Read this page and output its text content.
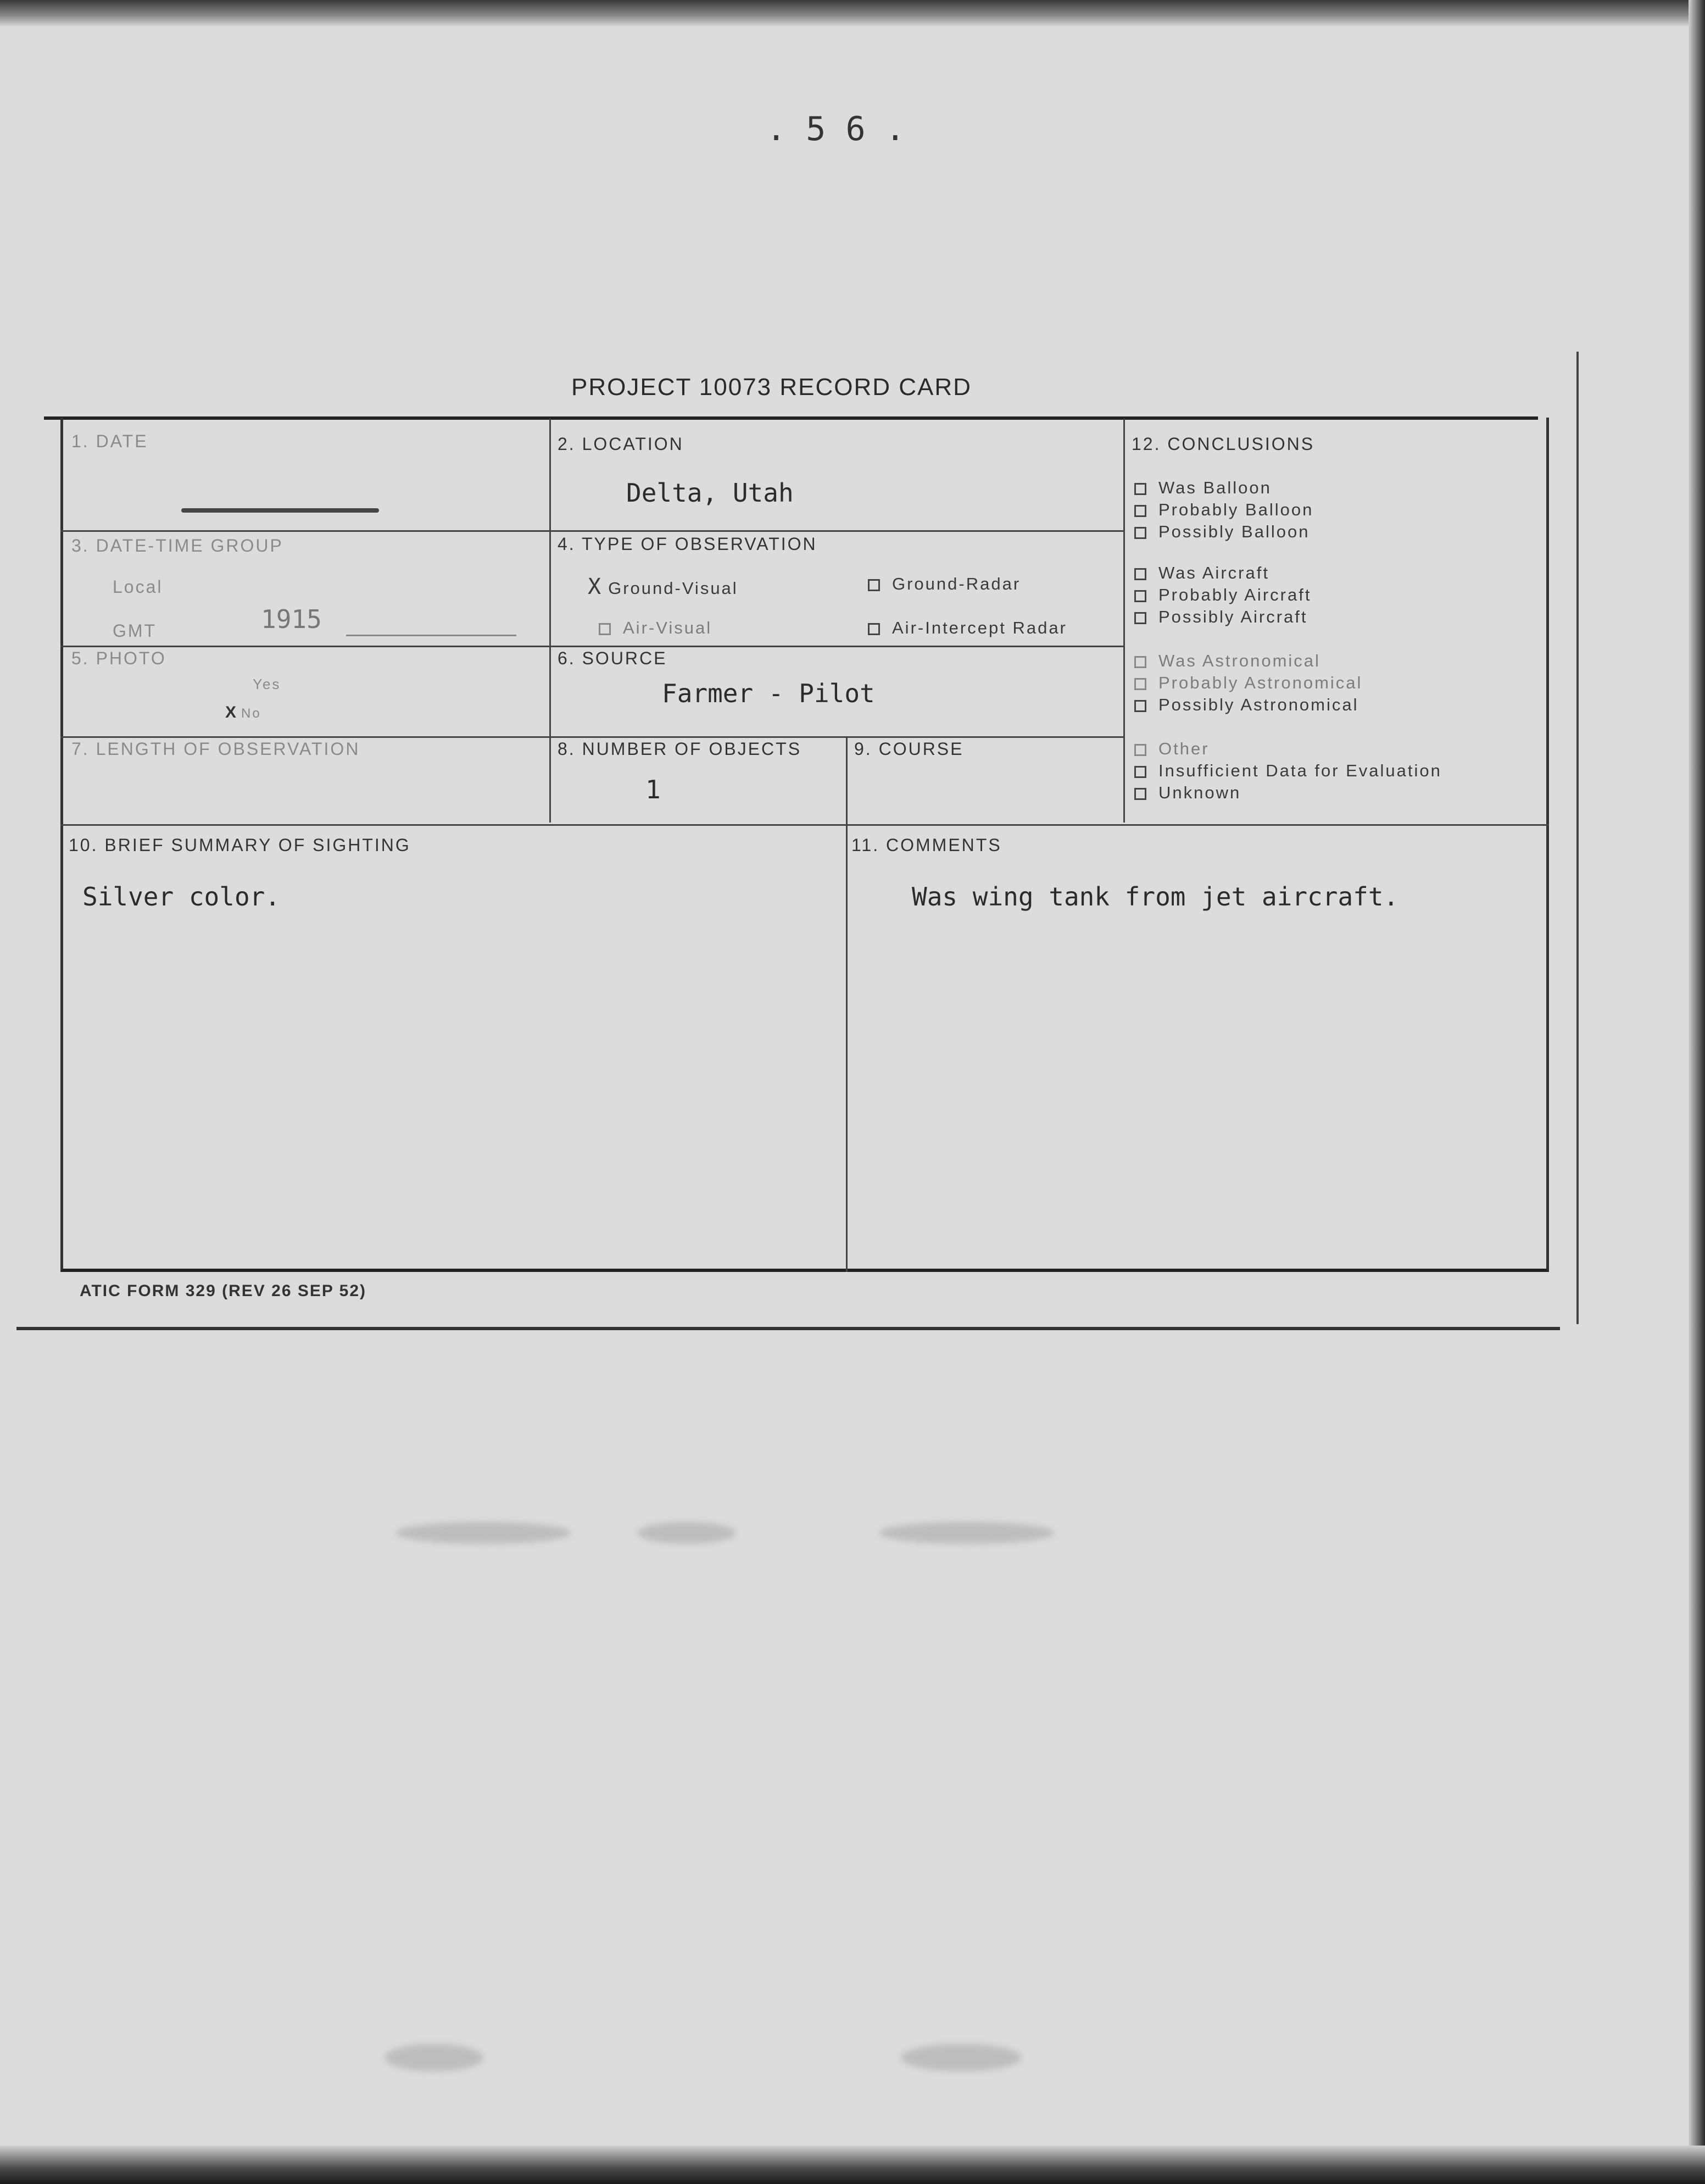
. 5 6 .
PROJECT 10073 RECORD CARD
1. DATE	2. LOCATION
Delta, Utah
3. DATE-TIME GROUP
Local
GMT	1915
4. TYPE OF OBSERVATION
X Ground-Visual	Ground-Radar
Air-Visual	Air-Intercept Radar
5. PHOTO
Yes
X No
6. SOURCE
Farmer - Pilot
7. LENGTH OF OBSERVATION	8. NUMBER OF OBJECTS
1
9. COURSE
10. BRIEF SUMMARY OF SIGHTING
Silver color.
11. COMMENTS
Was wing tank from jet aircraft.
12. CONCLUSIONS
Was Balloon
Probably Balloon
Possibly Balloon
Was Aircraft
Probably Aircraft
Possibly Aircraft
Was Astronomical
Probably Astronomical
Possibly Astronomical
Other
Insufficient Data for Evaluation
Unknown
ATIC FORM 329 (REV 26 SEP 52)
